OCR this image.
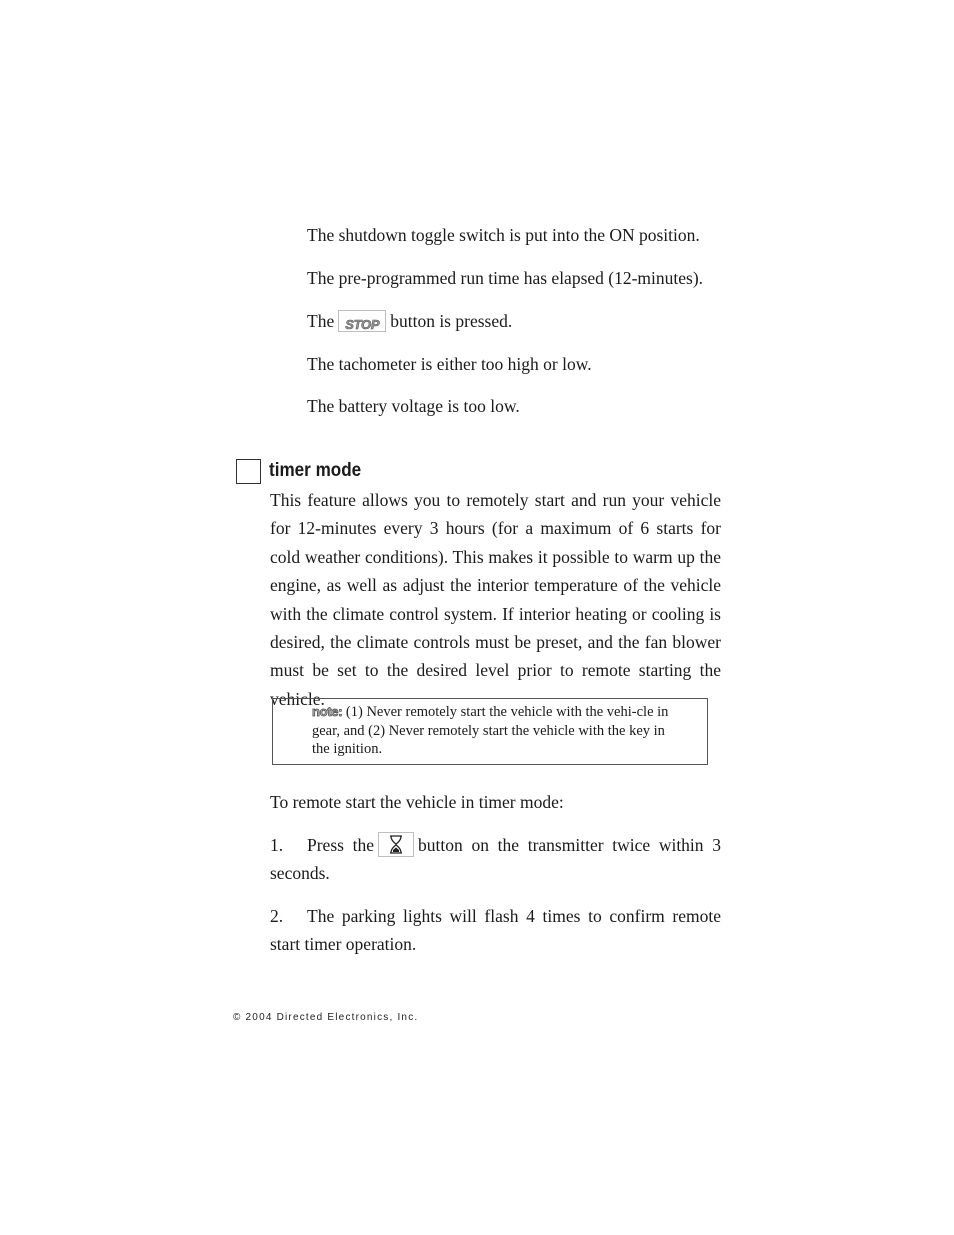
The shutdown toggle switch is put into the ON position.
The pre-programmed run time has elapsed (12-minutes).
The STOP button is pressed.
The tachometer is either too high or low.
The battery voltage is too low.
timer mode
This feature allows you to remotely start and run your vehicle for 12-minutes every 3 hours (for a maximum of 6 starts for cold weather conditions). This makes it possible to warm up the engine, as well as adjust the interior temperature of the vehicle with the climate control system. If interior heating or cooling is desired, the climate controls must be preset, and the fan blower must be set to the desired level prior to remote starting the vehicle.
note: (1) Never remotely start the vehicle with the vehi-cle in gear, and (2) Never remotely start the vehicle with the key in the ignition.
To remote start the vehicle in timer mode:
1. Press the	button on the transmitter twice within 3 seconds.
2. The parking lights will flash 4 times to confirm remote start timer operation.
© 2004 Directed Electronics, Inc.
